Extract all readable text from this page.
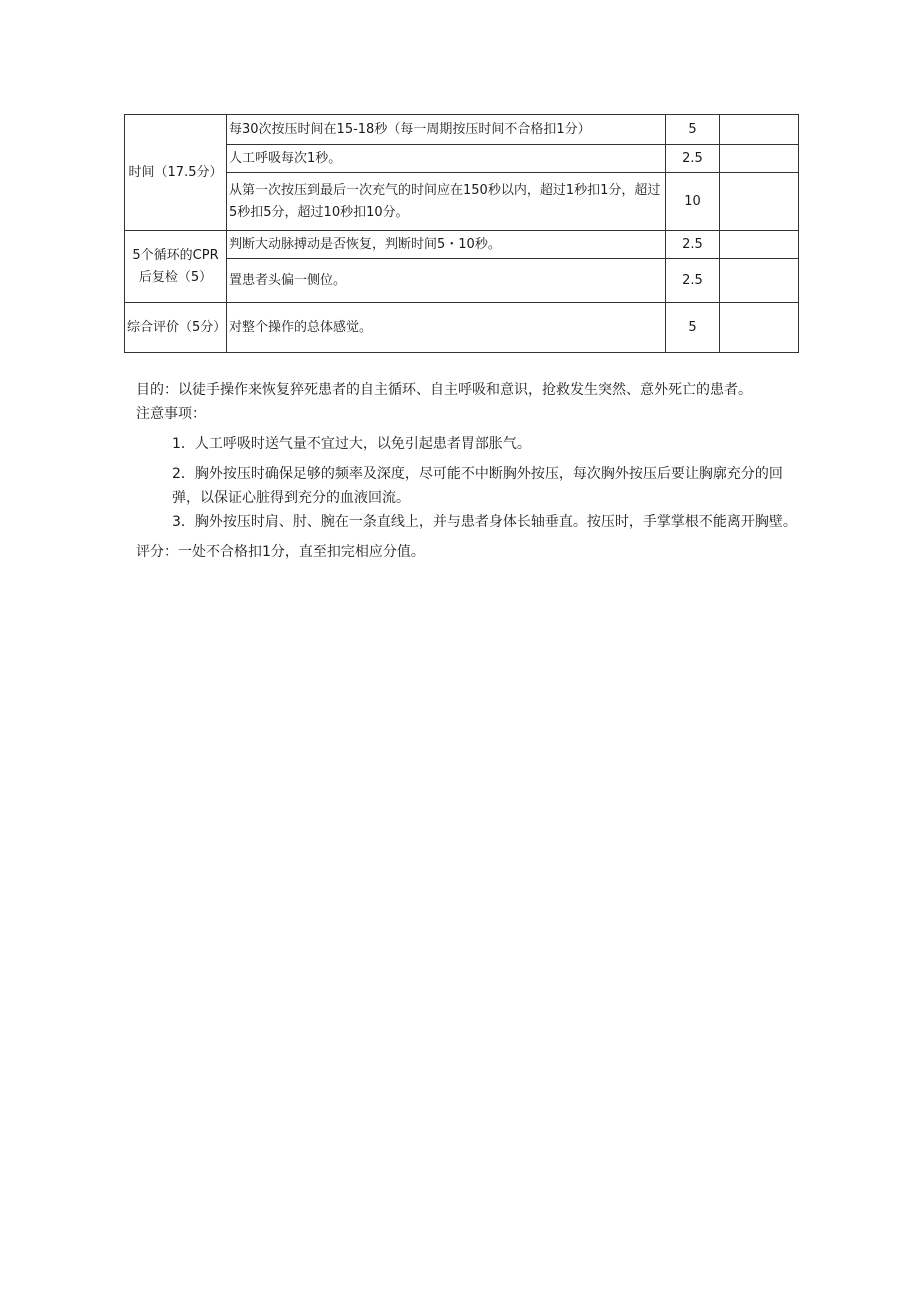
时间（17.5分）	每30次按压时间在15-18秒（每一周期按压时间不合格扣1分）	5	
	人工呼吸每次1秒。	2.5	
	从第一次按压到最后一次充气的时间应在150秒以内，超过1秒扣1分，超过5秒扣5分，超过10秒扣10分。	10	
5个循环的CPR后复检（5）	判断大动脉搏动是否恢复，判断时间5・10秒。	2.5	
	置患者头偏一侧位。	2.5	
综合评价（5分）	对整个操作的总体感觉。	5	

目的：以徒手操作来恢复猝死患者的自主循环、自主呼吸和意识，抢救发生突然、意外死亡的患者。

注意事项：

1．人工呼吸时送气量不宜过大，以免引起患者胃部胀气。

2．胸外按压时确保足够的频率及深度，尽可能不中断胸外按压，每次胸外按压后要让胸廓充分的回弹，以保证心脏得到充分的血液回流。

3．胸外按压时肩、肘、腕在一条直线上，并与患者身体长轴垂直。按压时，手掌掌根不能离开胸壁。

评分：一处不合格扣1分，直至扣完相应分值。
